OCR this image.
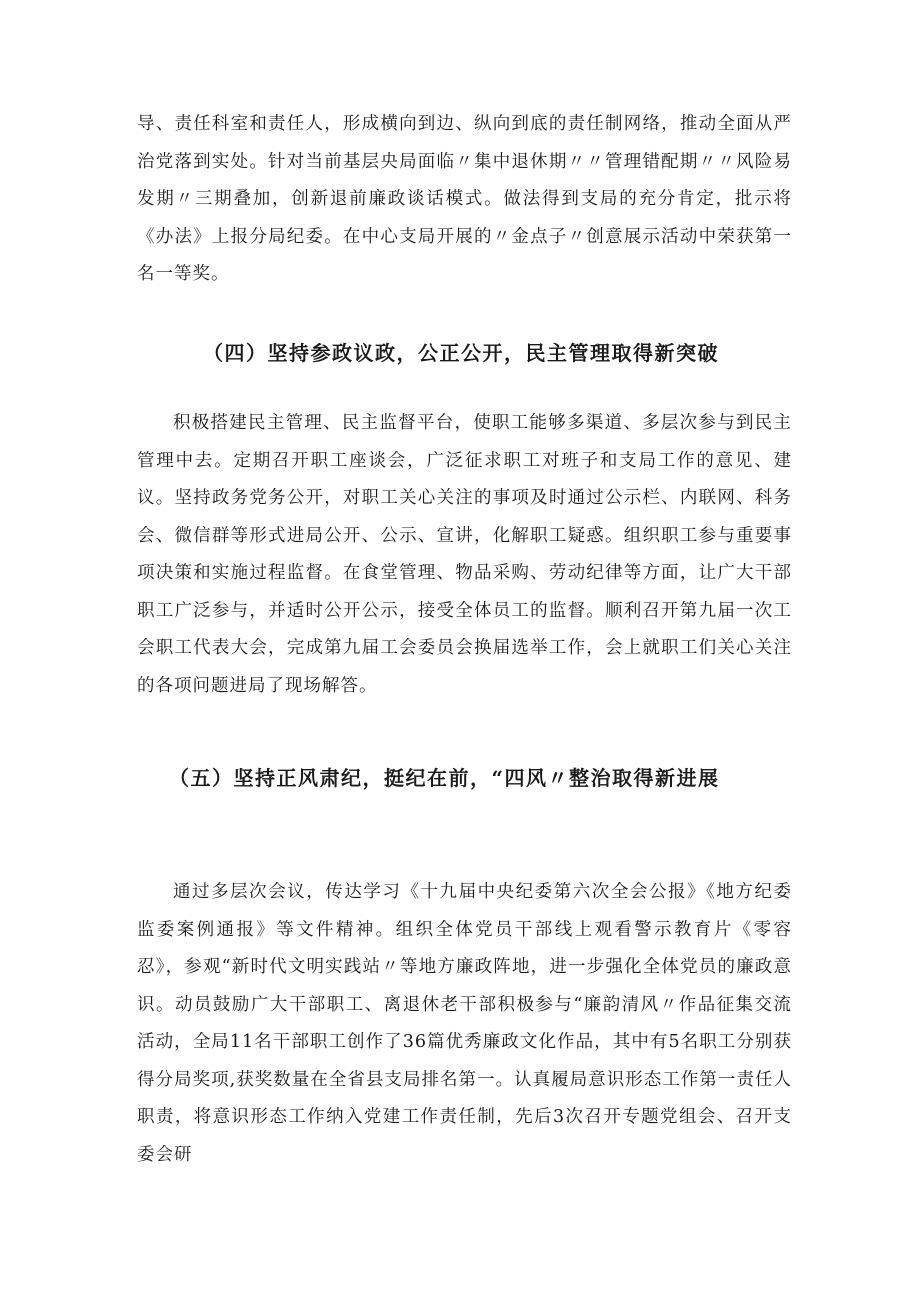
导、责任科室和责任人，形成横向到边、纵向到底的责任制网络，推动全面从严治党落到实处。针对当前基层央局面临〃集中退休期〃〃管理错配期〃〃风险易发期〃三期叠加，创新退前廉政谈话模式。做法得到支局的充分肯定，批示将《办法》上报分局纪委。在中心支局开展的〃金点子〃创意展示活动中荣获第一名一等奖。

（四）坚持参政议政，公正公开，民主管理取得新突破

积极搭建民主管理、民主监督平台，使职工能够多渠道、多层次参与到民主管理中去。定期召开职工座谈会，广泛征求职工对班子和支局工作的意见、建议。坚持政务党务公开，对职工关心关注的事项及时通过公示栏、内联网、科务会、微信群等形式进局公开、公示、宣讲，化解职工疑惑。组织职工参与重要事项决策和实施过程监督。在食堂管理、物品采购、劳动纪律等方面，让广大干部职工广泛参与，并适时公开公示，接受全体员工的监督。顺利召开第九届一次工会职工代表大会，完成第九届工会委员会换届选举工作，会上就职工们关心关注的各项问题进局了现场解答。

（五）坚持正风肃纪，挺纪在前，“四风〃整治取得新进展

通过多层次会议，传达学习《十九届中央纪委第六次全会公报》《地方纪委监委案例通报》等文件精神。组织全体党员干部线上观看警示教育片《零容忍》，参观“新时代文明实践站〃等地方廉政阵地，进一步强化全体党员的廉政意识。动员鼓励广大干部职工、离退休老干部积极参与“廉韵清风〃作品征集交流活动，全局11名干部职工创作了36篇优秀廉政文化作品，其中有5名职工分别获得分局奖项,获奖数量在全省县支局排名第一。认真履局意识形态工作第一责任人职责，将意识形态工作纳入党建工作责任制，先后3次召开专题党组会、召开支委会研
